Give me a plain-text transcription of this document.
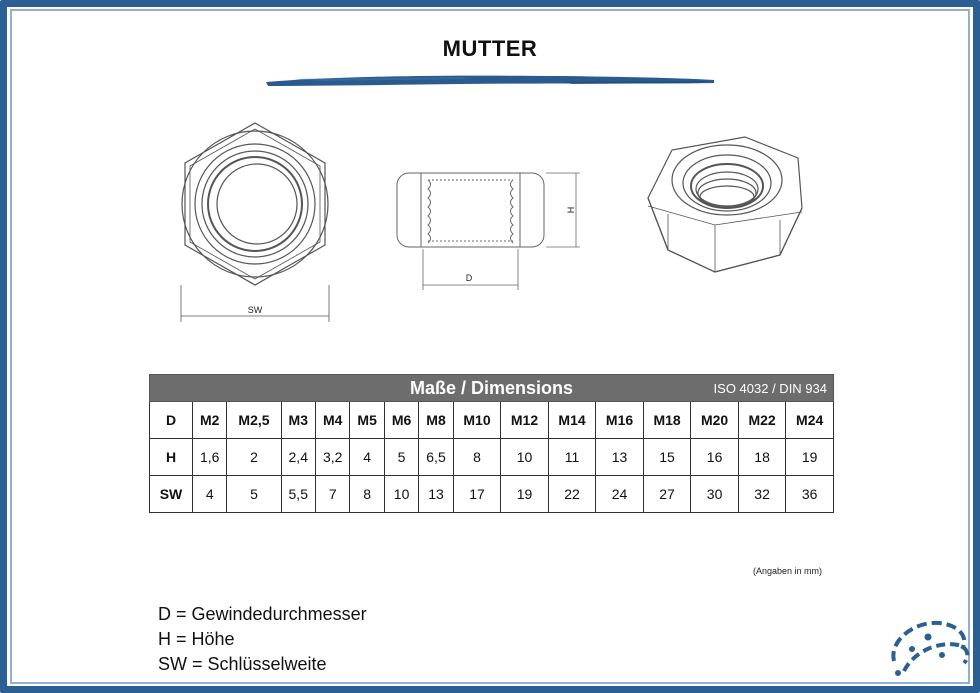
MUTTER
SW
D
H
Maße / Dimensions ISO 4032 / DIN 934															

D	M2	M2,5	M3	M4	M5	M6	M8	M10	M12	M14	M16	M18	M20	M22	M24
H	1,6	2	2,4	3,2	4	5	6,5	8	10	11	13	15	16	18	19
SW	4	5	5,5	7	8	10	13	17	19	22	24	27	30	32	36
(Angaben in mm)
D = Gewindedurchmesser
H = Höhe
SW = Schlüsselweite
